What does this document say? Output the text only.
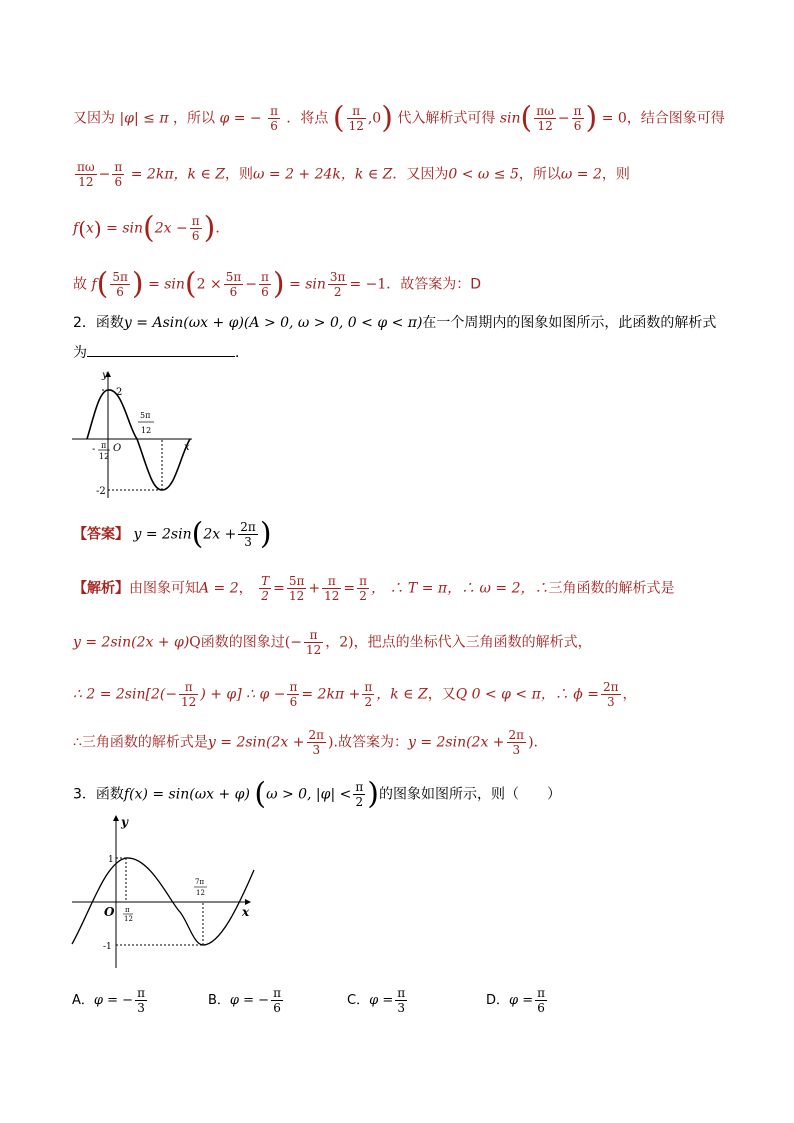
又因为 |φ| ≤ π ，所以 φ = − $\frac{\pi}{6}$ ．将点 ( $\frac{\pi}{12} ,0$) 代入解析式可得 $\sin( \frac{\pi\omega}{12} - \frac{\pi}{6}$ ) = 0，结合图象可得
$\frac{\pi\omega}{12} - \frac{\pi}{6} = 2k\pi$，k ∈ Z，则ω = 2 + 24k，k ∈ Z．又因为0 < ω ≤ 5，所以ω = 2，则
$f(x) = \sin(2x - \frac{\pi}{6}$ )．
故 $f( \frac{5\pi}{6}$ ) = $\sin(2 \times \frac{5\pi}{6} - \frac{\pi}{6}$ ) = $\sin \frac{3\pi}{2} = -1$．故答案为：D
2．函数y = Asin(ωx + φ)(A > 0, ω > 0, 0 < φ < π)在一个周期内的图象如图所示，此函数的解析式
为	．
y
x
O
2
-2
- π
12
5π
12
【答案】 $y = 2\sin(2x + \frac{2\pi}{3}$ )
【解析】由图象可知A = 2， $\frac{T}{2} = \frac{5\pi}{12} + \frac{\pi}{12} = \frac{\pi}{2}$ ， ∴ T = π，∴ ω = 2，∴三角函数的解析式是
y = 2sin(2x + φ)Q函数的图象过(− $\frac{\pi}{12}$ ，2)，把点的坐标代入三角函数的解析式，
∴ $2 = 2\sin[2(- \frac{\pi}{12}$ ) + φ] ∴ $\varphi - \frac{\pi}{6} = 2k\pi + \frac{\pi}{2}$ ，k ∈ Z，又Q 0 < φ < π，∴ $\phi = \frac{2\pi}{3}$ ，
∴三角函数的解析式是$y = 2\sin(2x + \frac{2\pi}{3}$ ).故答案为：$y = 2\sin(2x + \frac{2\pi}{3}$ ).
3．函数f(x) = sin(ωx + φ) (ω > 0, $|\varphi| < \frac{\pi}{2}$ )的图象如图所示，则（　　）
y
x
O
1
-1
π
12
7π
12
A．φ = − $\frac{\pi}{3}$	B．φ = − $\frac{\pi}{6}$	C．$\varphi = \frac{\pi}{3}$	D．$\varphi = \frac{\pi}{6}$
